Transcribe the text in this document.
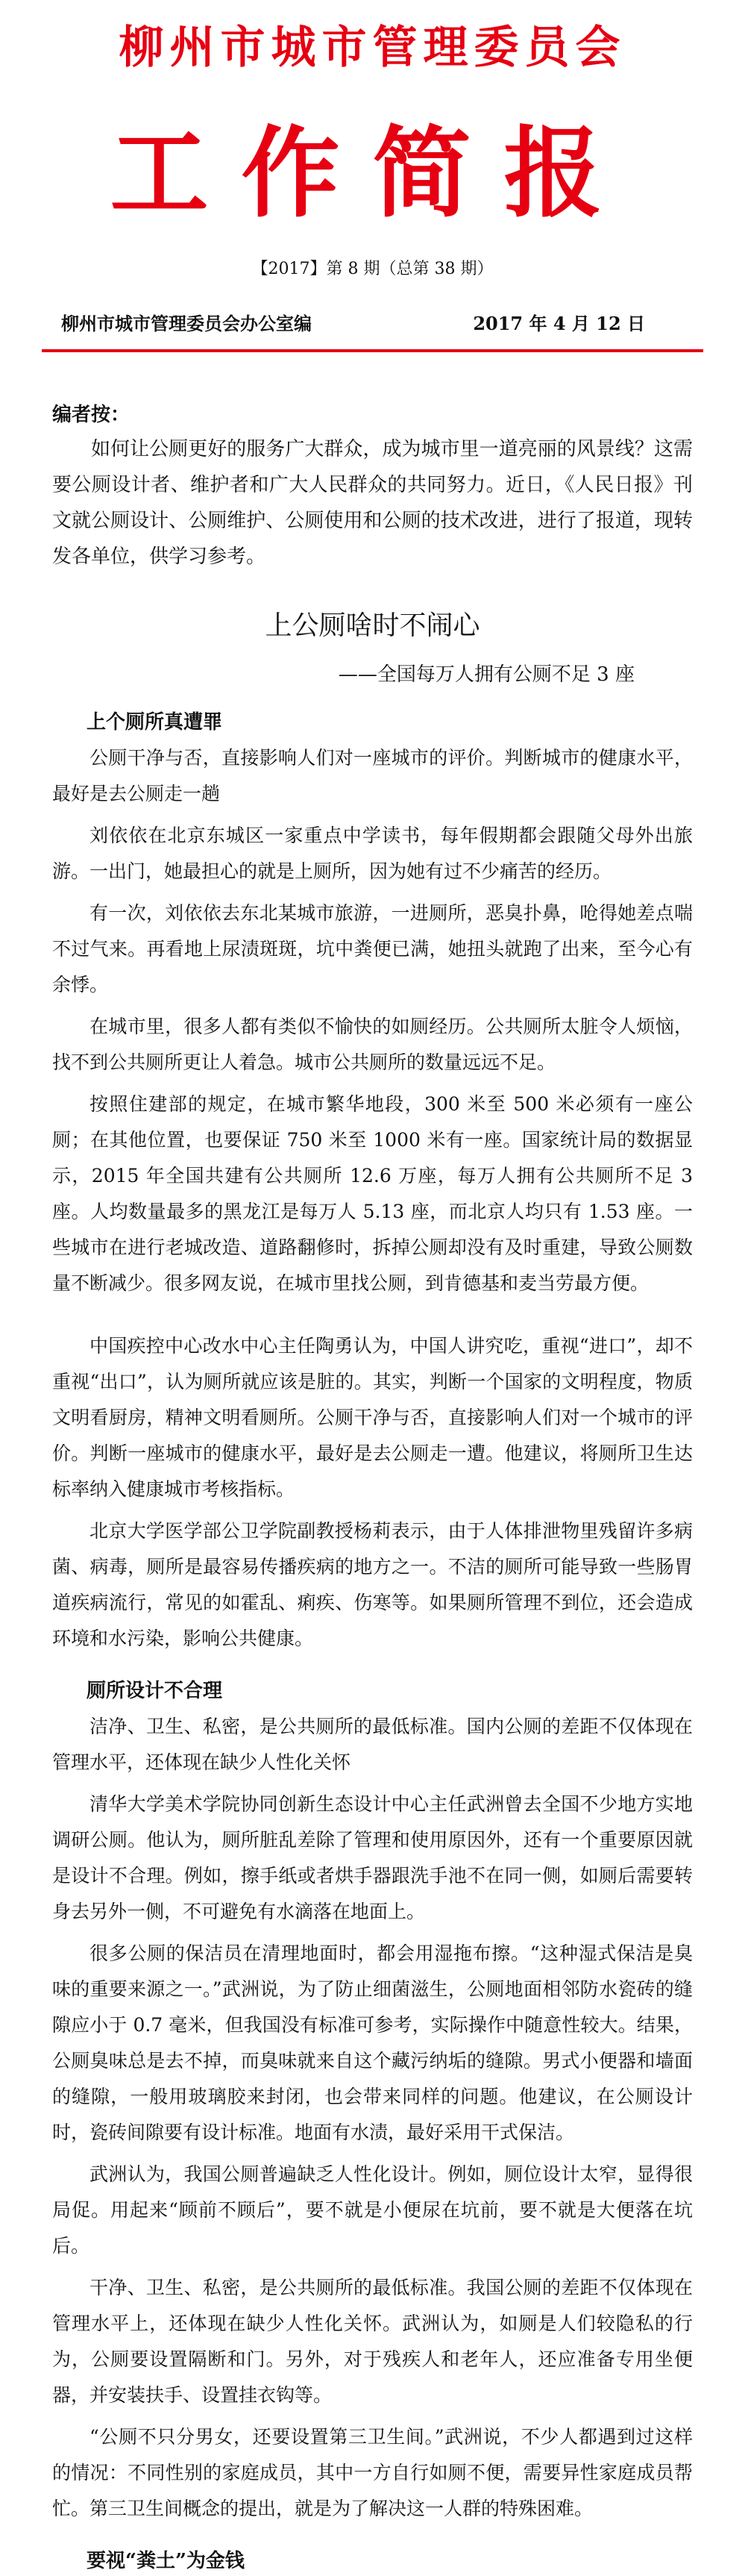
柳州市城市管理委员会
工作简报
【2017】第 8 期（总第 38 期）
柳州市城市管理委员会办公室编	2017 年 4 月 12 日
编者按：

如何让公厕更好的服务广大群众，成为城市里一道亮丽的风景线？这需要公厕设计者、维护者和广大人民群众的共同努力。近日，《人民日报》刊文就公厕设计、公厕维护、公厕使用和公厕的技术改进，进行了报道，现转发各单位，供学习参考。

上公厕啥时不闹心
——全国每万人拥有公厕不足 3 座
上个厕所真遭罪

公厕干净与否，直接影响人们对一座城市的评价。判断城市的健康水平，最好是去公厕走一趟

刘依依在北京东城区一家重点中学读书，每年假期都会跟随父母外出旅游。一出门，她最担心的就是上厕所，因为她有过不少痛苦的经历。

有一次，刘依依去东北某城市旅游，一进厕所，恶臭扑鼻，呛得她差点喘不过气来。再看地上尿渍斑斑，坑中粪便已满，她扭头就跑了出来，至今心有余悸。

在城市里，很多人都有类似不愉快的如厕经历。公共厕所太脏令人烦恼，找不到公共厕所更让人着急。城市公共厕所的数量远远不足。

按照住建部的规定，在城市繁华地段，300 米至 500 米必须有一座公厕；在其他位置，也要保证 750 米至 1000 米有一座。国家统计局的数据显示，2015 年全国共建有公共厕所 12.6 万座，每万人拥有公共厕所不足 3 座。人均数量最多的黑龙江是每万人 5.13 座，而北京人均只有 1.53 座。一些城市在进行老城改造、道路翻修时，拆掉公厕却没有及时重建，导致公厕数量不断减少。很多网友说，在城市里找公厕，到肯德基和麦当劳最方便。

中国疾控中心改水中心主任陶勇认为，中国人讲究吃，重视“进口”，却不重视“出口”，认为厕所就应该是脏的。其实，判断一个国家的文明程度，物质文明看厨房，精神文明看厕所。公厕干净与否，直接影响人们对一个城市的评价。判断一座城市的健康水平，最好是去公厕走一遭。他建议，将厕所卫生达标率纳入健康城市考核指标。

北京大学医学部公卫学院副教授杨莉表示，由于人体排泄物里残留许多病菌、病毒，厕所是最容易传播疾病的地方之一。不洁的厕所可能导致一些肠胃道疾病流行，常见的如霍乱、痢疾、伤寒等。如果厕所管理不到位，还会造成环境和水污染，影响公共健康。

厕所设计不合理

洁净、卫生、私密，是公共厕所的最低标准。国内公厕的差距不仅体现在管理水平，还体现在缺少人性化关怀

清华大学美术学院协同创新生态设计中心主任武洲曾去全国不少地方实地调研公厕。他认为，厕所脏乱差除了管理和使用原因外，还有一个重要原因就是设计不合理。例如，擦手纸或者烘手器跟洗手池不在同一侧，如厕后需要转身去另外一侧，不可避免有水滴落在地面上。

很多公厕的保洁员在清理地面时，都会用湿拖布擦。“这种湿式保洁是臭味的重要来源之一。”武洲说，为了防止细菌滋生，公厕地面相邻防水瓷砖的缝隙应小于 0.7 毫米，但我国没有标准可参考，实际操作中随意性较大。结果，公厕臭味总是去不掉，而臭味就来自这个藏污纳垢的缝隙。男式小便器和墙面的缝隙，一般用玻璃胶来封闭，也会带来同样的问题。他建议，在公厕设计时，瓷砖间隙要有设计标准。地面有水渍，最好采用干式保洁。

武洲认为，我国公厕普遍缺乏人性化设计。例如，厕位设计太窄，显得很局促。用起来“顾前不顾后”，要不就是小便尿在坑前，要不就是大便落在坑后。

干净、卫生、私密，是公共厕所的最低标准。我国公厕的差距不仅体现在管理水平上，还体现在缺少人性化关怀。武洲认为，如厕是人们较隐私的行为，公厕要设置隔断和门。另外，对于残疾人和老年人，还应准备专用坐便器，并安装扶手、设置挂衣钩等。

“公厕不只分男女，还要设置第三卫生间。”武洲说，不少人都遇到过这样的情况：不同性别的家庭成员，其中一方自行如厕不便，需要异性家庭成员帮忙。第三卫生间概念的提出，就是为了解决这一人群的特殊困难。

要视“粪土”为金钱
